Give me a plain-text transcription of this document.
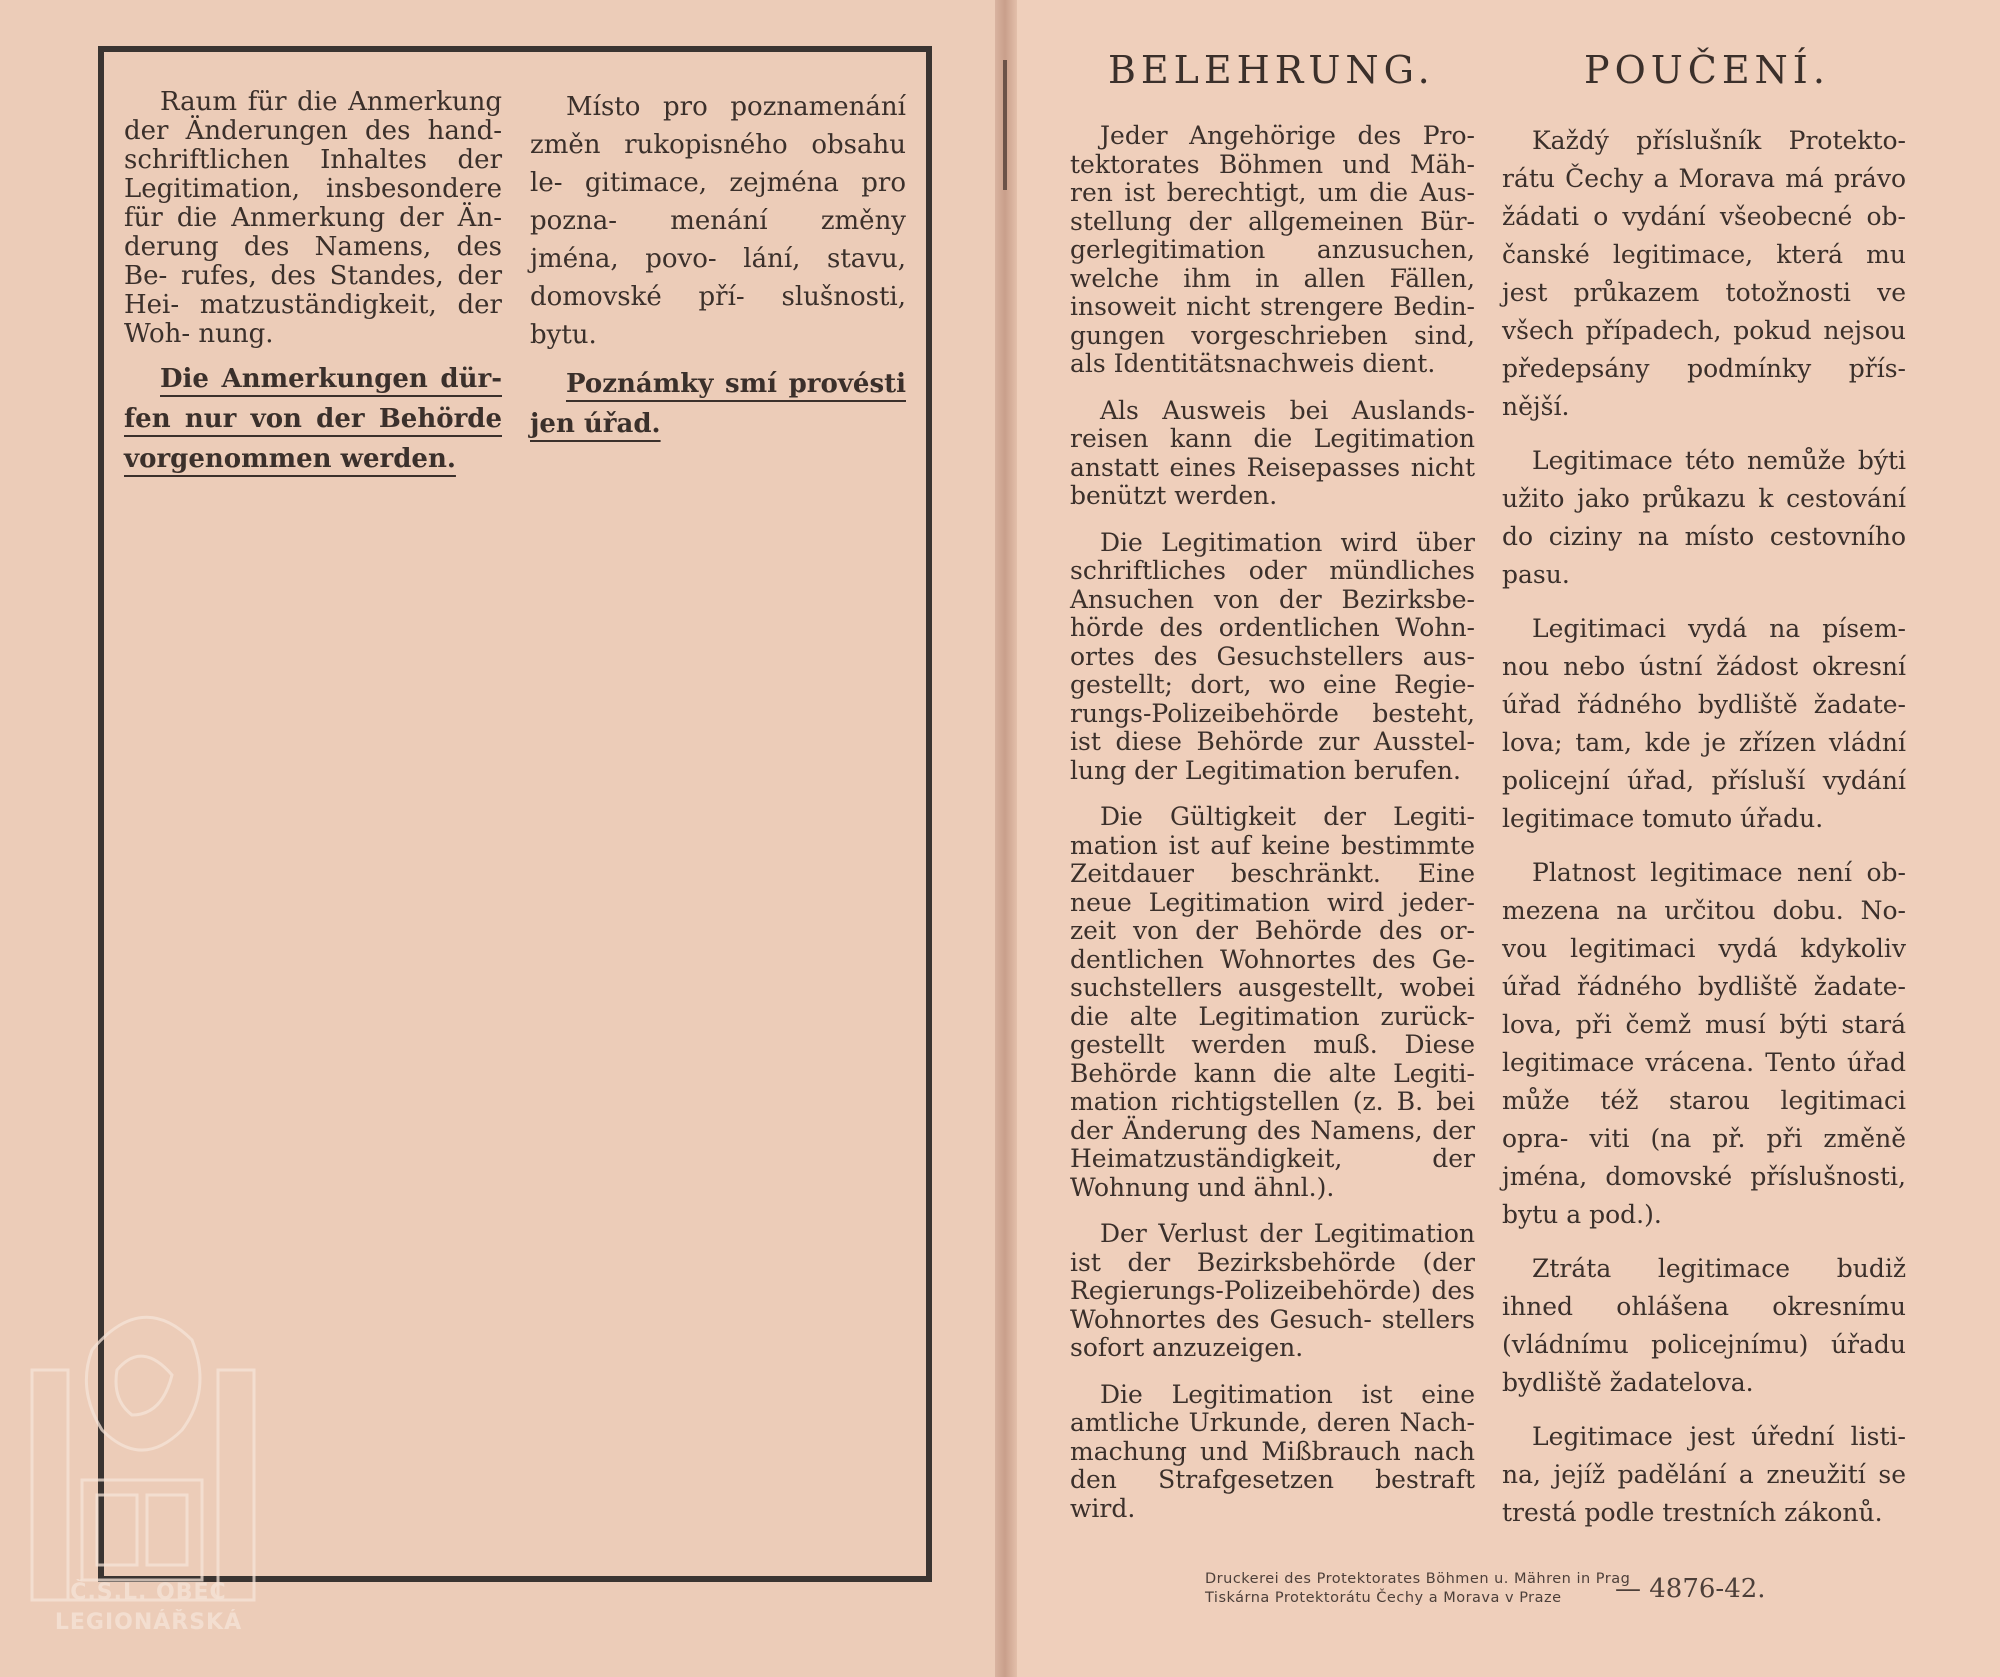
Raum für die Anmerkung der Änderungen des hand- schriftlichen Inhaltes der Legitimation, insbesondere für die Anmerkung der Än- derung des Namens, des Be- rufes, des Standes, der Hei- matzuständigkeit, der Woh- nung.

Die Anmerkungen dür- fen nur von der Behörde vorgenommen werden.

Místo pro poznamenání změn rukopisného obsahu le- gitimace, zejména pro pozna- menání změny jména, povo- lání, stavu, domovské pří- slušnosti, bytu.

Poznámky smí provésti jen úřad.
Č.S.L. OBEC
LEGIONÁŘSKÁ
BELEHRUNG.	POUČENÍ.

Jeder Angehörige des Pro- tektorates Böhmen und Mäh- ren ist berechtigt, um die Aus- stellung der allgemeinen Bür- gerlegitimation anzusuchen, welche ihm in allen Fällen, insoweit nicht strengere Bedin- gungen vorgeschrieben sind, als Identitätsnachweis dient.

Als Ausweis bei Auslands- reisen kann die Legitimation anstatt eines Reisepasses nicht benützt werden.

Die Legitimation wird über schriftliches oder mündliches Ansuchen von der Bezirksbe- hörde des ordentlichen Wohn- ortes des Gesuchstellers aus- gestellt; dort, wo eine Regie- rungs-Polizeibehörde besteht, ist diese Behörde zur Ausstel- lung der Legitimation berufen.

Die Gültigkeit der Legiti- mation ist auf keine bestimmte Zeitdauer beschränkt. Eine neue Legitimation wird jeder- zeit von der Behörde des or- dentlichen Wohnortes des Ge- suchstellers ausgestellt, wobei die alte Legitimation zurück- gestellt werden muß. Diese Behörde kann die alte Legiti- mation richtigstellen (z. B. bei der Änderung des Namens, der Heimatzuständigkeit, der Wohnung und ähnl.).

Der Verlust der Legitimation ist der Bezirksbehörde (der Regierungs-Polizeibehörde) des Wohnortes des Gesuch- stellers sofort anzuzeigen.

Die Legitimation ist eine amtliche Urkunde, deren Nach- machung und Mißbrauch nach den Strafgesetzen bestraft wird.

Každý příslušník Protekto- rátu Čechy a Morava má právo žádati o vydání všeobecné ob- čanské legitimace, která mu jest průkazem totožnosti ve všech případech, pokud nejsou předepsány podmínky přís- nější.

Legitimace této nemůže býti užito jako průkazu k cestování do ciziny na místo cestovního pasu.

Legitimaci vydá na písem- nou nebo ústní žádost okresní úřad řádného bydliště žadate- lova; tam, kde je zřízen vládní policejní úřad, přísluší vydání legitimace tomuto úřadu.

Platnost legitimace není ob- mezena na určitou dobu. No- vou legitimaci vydá kdykoliv úřad řádného bydliště žadate- lova, při čemž musí býti stará legitimace vrácena. Tento úřad může též starou legitimaci opra- viti (na př. při změně jména, domovské příslušnosti, bytu a pod.).

Ztráta legitimace budiž ihned ohlášena okresnímu (vládnímu policejnímu) úřadu bydliště žadatelova.

Legitimace jest úřední listi- na, jejíž padělání a zneužití se trestá podle trestních zákonů.

Druckerei des Protektorates Böhmen u. Mähren in Prag
Tiskárna Protektorátu Čechy a Morava v Praze	— 4876-42.
